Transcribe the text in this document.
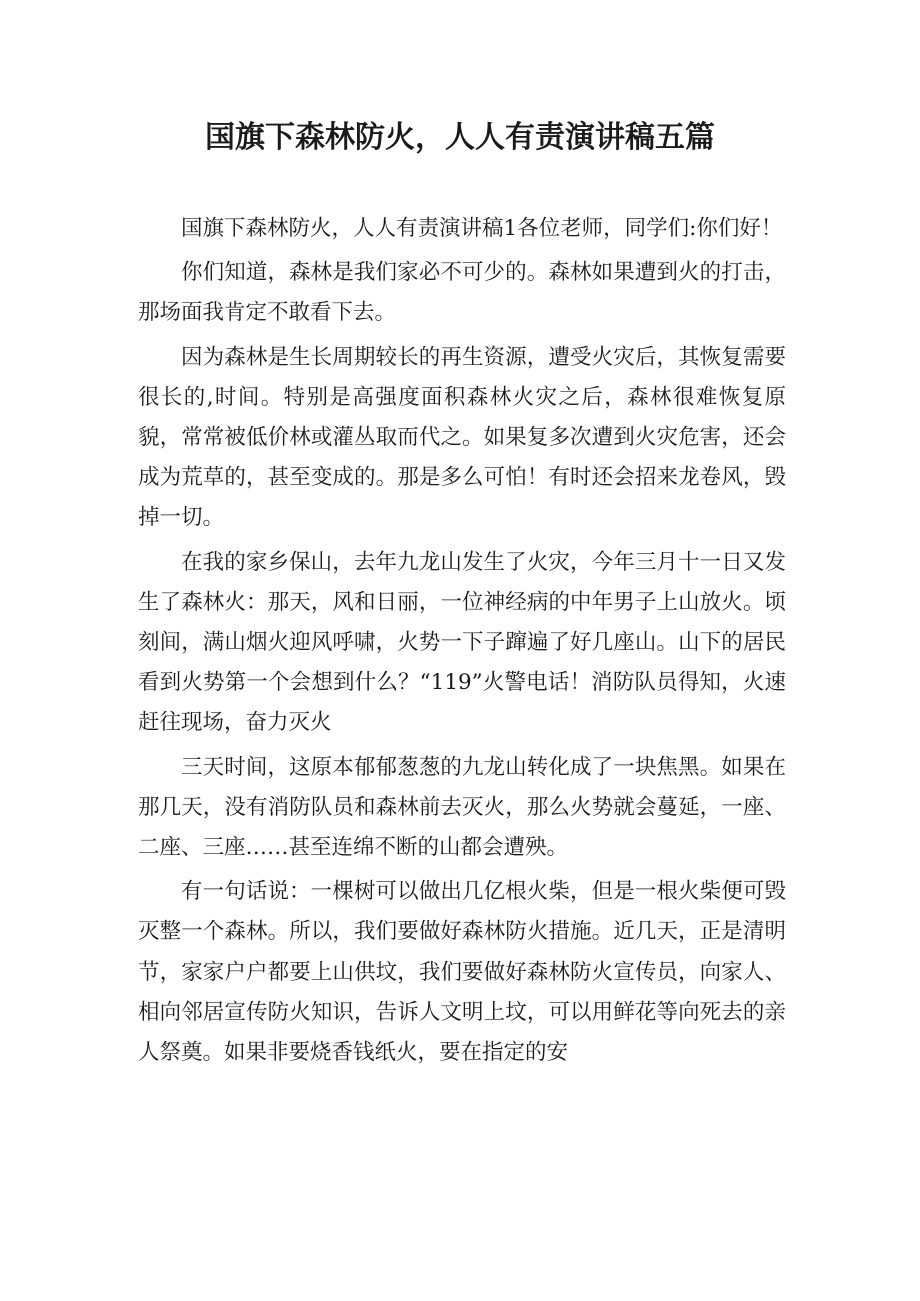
国旗下森林防火，人人有责演讲稿五篇

国旗下森林防火，人人有责演讲稿1各位老师，同学们:你们好！

你们知道，森林是我们家必不可少的。森林如果遭到火的打击，那场面我肯定不敢看下去。

因为森林是生长周期较长的再生资源，遭受火灾后，其恢复需要很长的,时间。特别是高强度面积森林火灾之后，森林很难恢复原貌，常常被低价林或灌丛取而代之。如果复多次遭到火灾危害，还会成为荒草的，甚至变成的。那是多么可怕！有时还会招来龙卷风，毁掉一切。

在我的家乡保山，去年九龙山发生了火灾，今年三月十一日又发生了森林火：那天，风和日丽，一位神经病的中年男子上山放火。顷刻间，满山烟火迎风呼啸，火势一下子蹿遍了好几座山。山下的居民看到火势第一个会想到什么？“119”火警电话！消防队员得知，火速赶往现场，奋力灭火

三天时间，这原本郁郁葱葱的九龙山转化成了一块焦黑。如果在那几天，没有消防队员和森林前去灭火，那么火势就会蔓延，一座、二座、三座……甚至连绵不断的山都会遭殃。

有一句话说：一棵树可以做出几亿根火柴，但是一根火柴便可毁灭整一个森林。所以，我们要做好森林防火措施。近几天，正是清明节，家家户户都要上山供坟，我们要做好森林防火宣传员，向家人、相向邻居宣传防火知识，告诉人文明上坟，可以用鲜花等向死去的亲人祭奠。如果非要烧香钱纸火，要在指定的安
